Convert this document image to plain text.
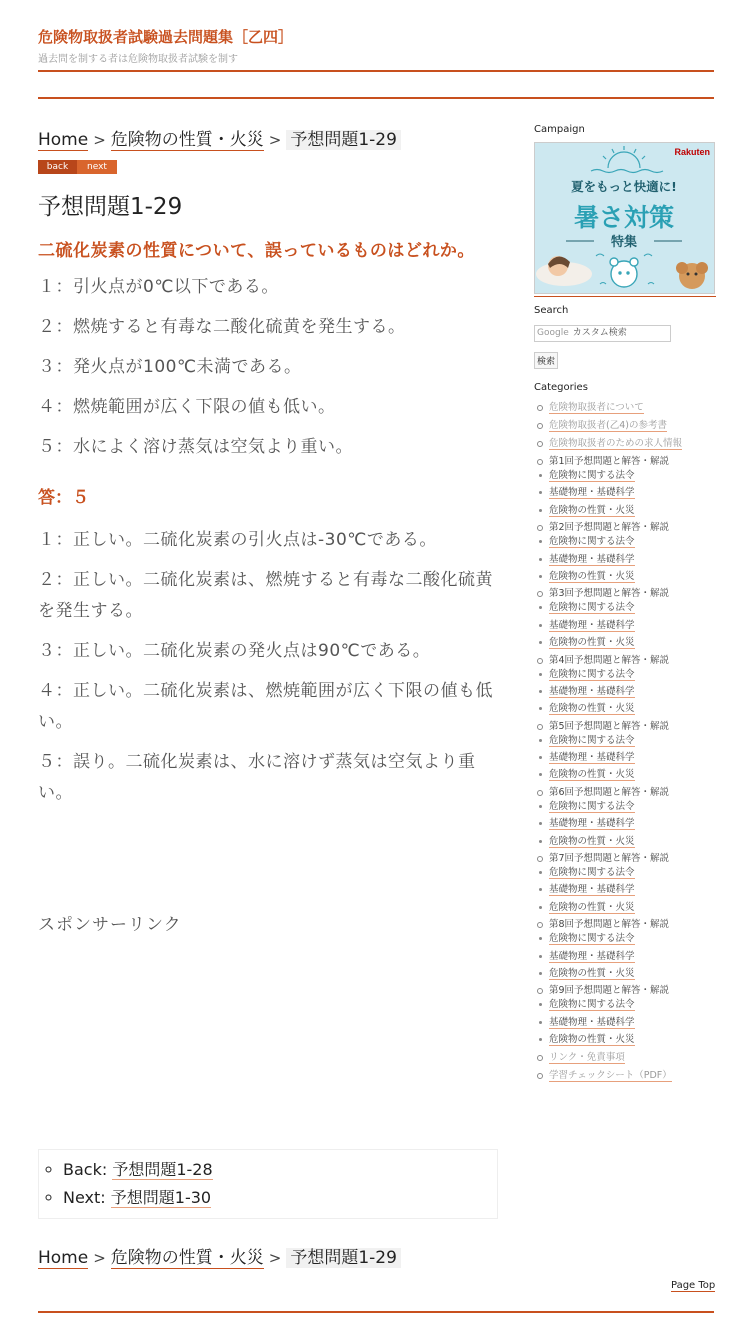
危険物取扱者試験過去問題集［乙四］
過去問を制する者は危険物取扱者試験を制す
Home > 危険物の性質・火災 > 予想問題1-29
back	next
予想問題1-29
二硫化炭素の性質について、誤っているものはどれか。
１：引火点が0℃以下である。
２：燃焼すると有毒な二酸化硫黄を発生する。
３：発火点が100℃未満である。
４：燃焼範囲が広く下限の値も低い。
５：水によく溶け蒸気は空気より重い。
答：５
１：正しい。二硫化炭素の引火点は-30℃である。
２：正しい。二硫化炭素は、燃焼すると有毒な二酸化硫黄を発生する。
３：正しい。二硫化炭素の発火点は90℃である。
４：正しい。二硫化炭素は、燃焼範囲が広く下限の値も低い。
５：誤り。二硫化炭素は、水に溶けず蒸気は空気より重い。
スポンサーリンク
◦ Back: 予想問題1-28
◦ Next: 予想問題1-30
Home > 危険物の性質・火災 > 予想問題1-29
Page Top
Campaign
Rakuten
夏をもっと快適に!
暑さ対策
特集
Search
Google カスタム検索
検索
Categories
危険物取扱者について
危険物取扱者(乙4)の参考書
危険物取扱者のための求人情報
第1回予想問題と解答・解説
危険物に関する法令
基礎物理・基礎科学
危険物の性質・火災
第2回予想問題と解答・解説
危険物に関する法令
基礎物理・基礎科学
危険物の性質・火災
第3回予想問題と解答・解説
危険物に関する法令
基礎物理・基礎科学
危険物の性質・火災
第4回予想問題と解答・解説
危険物に関する法令
基礎物理・基礎科学
危険物の性質・火災
第5回予想問題と解答・解説
危険物に関する法令
基礎物理・基礎科学
危険物の性質・火災
第6回予想問題と解答・解説
危険物に関する法令
基礎物理・基礎科学
危険物の性質・火災
第7回予想問題と解答・解説
危険物に関する法令
基礎物理・基礎科学
危険物の性質・火災
第8回予想問題と解答・解説
危険物に関する法令
基礎物理・基礎科学
危険物の性質・火災
第9回予想問題と解答・解説
危険物に関する法令
基礎物理・基礎科学
危険物の性質・火災
リンク・免責事項
学習チェックシート（PDF）
